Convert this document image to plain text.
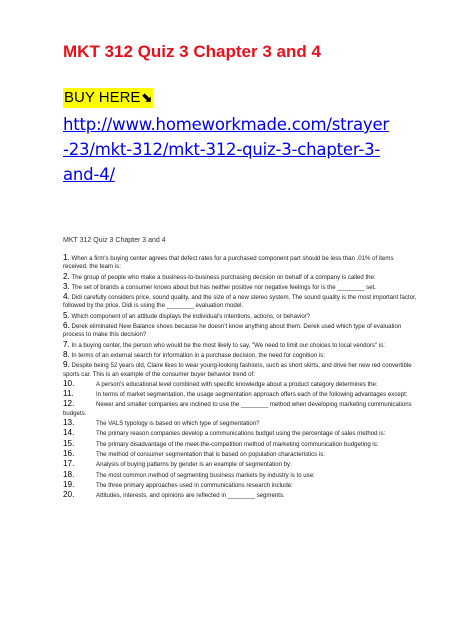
MKT 312 Quiz 3 Chapter 3 and 4
BUY HERE⬊
http://www.homeworkmade.com/strayer
-23/mkt-312/mkt-312-quiz-3-chapter-3-
and-4/
MKT 312 Quiz 3 Chapter 3 and 4
1. When a firm's buying center agrees that defect rates for a purchased component part should be less than .01% of items received, the team is:
2. The group of people who make a business-to-business purchasing decision on behalf of a company is called the:
3. The set of brands a consumer knows about but has neither positive nor negative feelings for is the ________ set.
4. Didi carefully considers price, sound quality, and the size of a new stereo system. The sound quality is the most important factor, followed by the price. Didi is using the ________ evaluation model.
5. Which component of an attitude displays the individual's intentions, actions, or behavior?
6. Derek eliminated New Balance shoes because he doesn't know anything about them. Derek used which type of evaluation process to make this decision?
7. In a buying center, the person who would be the most likely to say, "We need to limit our choices to local vendors" is:
8. In terms of an external search for information in a purchase decision, the need for cognition is:
9. Despite being 52 years old, Claire likes to wear young-looking fashions, such as short skirts, and drive her new red convertible sports car. This is an example of the consumer buyer behavior trend of:
10.	A person's educational level combined with specific knowledge about a product category determines the:
11.	In terms of market segmentation, the usage segmentation approach offers each of the following advantages except:
12.	Newer and smaller companies are inclined to use the ________ method when developing marketing communications budgets.
13.	The VALS typology is based on which type of segmentation?
14.	The primary reason companies develop a communications budget using the percentage of sales method is:
15.	The primary disadvantage of the meet-the-competition method of marketing communication budgeting is:
16.	The method of consumer segmentation that is based on population characteristics is:
17.	Analysis of buying patterns by gender is an example of segmentation by:
18.	The most common method of segmenting business markets by industry is to use:
19.	The three primary approaches used in communications research include:
20.	Attitudes, interests, and opinions are reflected in ________ segments.
